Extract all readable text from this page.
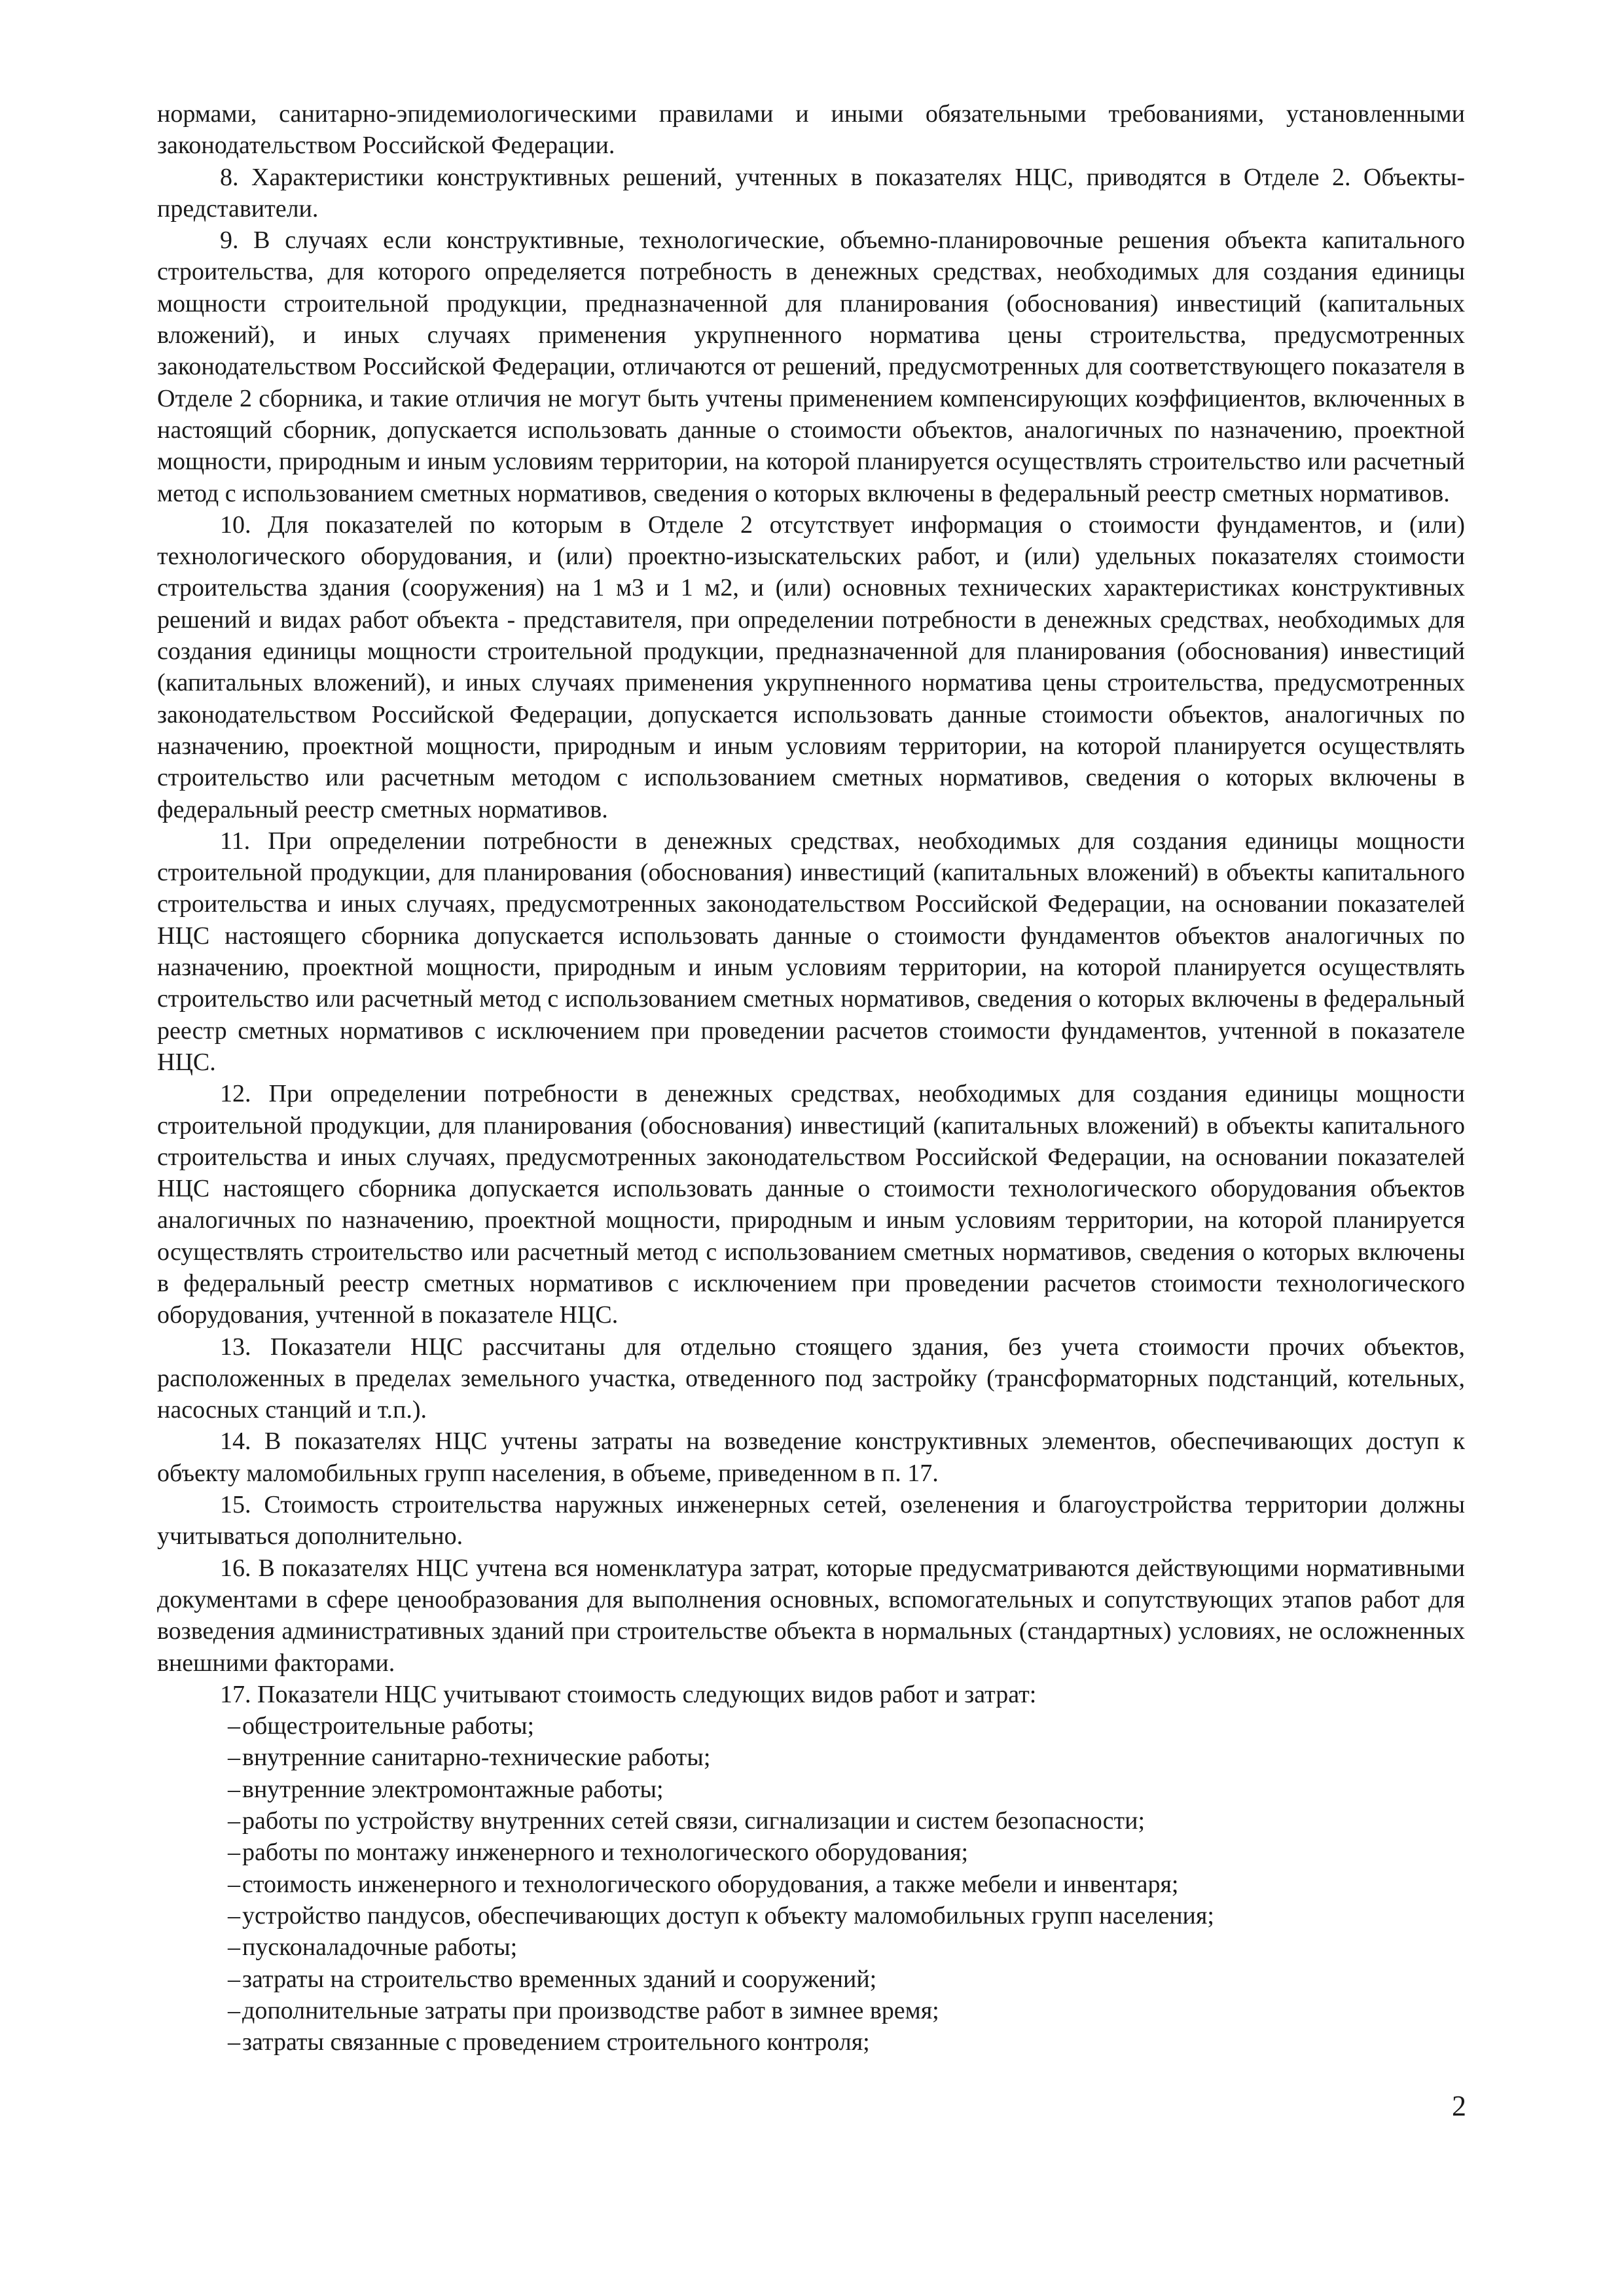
нормами, санитарно-эпидемиологическими правилами и иными обязательными требованиями, установленными законодательством Российской Федерации.

8. Характеристики конструктивных решений, учтенных в показателях НЦС, приводятся в Отделе 2. Объекты-представители.

9. В случаях если конструктивные, технологические, объемно-планировочные решения объекта капитального строительства, для которого определяется потребность в денежных средствах, необходимых для создания единицы мощности строительной продукции, предназначенной для планирования (обоснования) инвестиций (капитальных вложений), и иных случаях применения укрупненного норматива цены строительства, предусмотренных законодательством Российской Федерации, отличаются от решений, предусмотренных для соответствующего показателя в Отделе 2 сборника, и такие отличия не могут быть учтены применением компенсирующих коэффициентов, включенных в настоящий сборник, допускается использовать данные о стоимости объектов, аналогичных по назначению, проектной мощности, природным и иным условиям территории, на которой планируется осуществлять строительство или расчетный метод с использованием сметных нормативов, сведения о которых включены в федеральный реестр сметных нормативов.

10. Для показателей по которым в Отделе 2 отсутствует информация о стоимости фундаментов, и (или) технологического оборудования, и (или) проектно-изыскательских работ, и (или) удельных показателях стоимости строительства здания (сооружения) на 1 м3 и 1 м2, и (или) основных технических характеристиках конструктивных решений и видах работ объекта - представителя, при определении потребности в денежных средствах, необходимых для создания единицы мощности строительной продукции, предназначенной для планирования (обоснования) инвестиций (капитальных вложений), и иных случаях применения укрупненного норматива цены строительства, предусмотренных законодательством Российской Федерации, допускается использовать данные стоимости объектов, аналогичных по назначению, проектной мощности, природным и иным условиям территории, на которой планируется осуществлять строительство или расчетным методом с использованием сметных нормативов, сведения о которых включены в федеральный реестр сметных нормативов.

11. При определении потребности в денежных средствах, необходимых для создания единицы мощности строительной продукции, для планирования (обоснования) инвестиций (капитальных вложений) в объекты капитального строительства и иных случаях, предусмотренных законодательством Российской Федерации, на основании показателей НЦС настоящего сборника допускается использовать данные о стоимости фундаментов объектов аналогичных по назначению, проектной мощности, природным и иным условиям территории, на которой планируется осуществлять строительство или расчетный метод с использованием сметных нормативов, сведения о которых включены в федеральный реестр сметных нормативов с исключением при проведении расчетов стоимости фундаментов, учтенной в показателе НЦС.

12. При определении потребности в денежных средствах, необходимых для создания единицы мощности строительной продукции, для планирования (обоснования) инвестиций (капитальных вложений) в объекты капитального строительства и иных случаях, предусмотренных законодательством Российской Федерации, на основании показателей НЦС настоящего сборника допускается использовать данные о стоимости технологического оборудования объектов аналогичных по назначению, проектной мощности, природным и иным условиям территории, на которой планируется осуществлять строительство или расчетный метод с использованием сметных нормативов, сведения о которых включены в федеральный реестр сметных нормативов с исключением при проведении расчетов стоимости технологического оборудования, учтенной в показателе НЦС.

13. Показатели НЦС рассчитаны для отдельно стоящего здания, без учета стоимости прочих объектов, расположенных в пределах земельного участка, отведенного под застройку (трансформаторных подстанций, котельных, насосных станций и т.п.).

14. В показателях НЦС учтены затраты на возведение конструктивных элементов, обеспечивающих доступ к объекту маломобильных групп населения, в объеме, приведенном в п. 17.

15. Стоимость строительства наружных инженерных сетей, озеленения и благоустройства территории должны учитываться дополнительно.

16. В показателях НЦС учтена вся номенклатура затрат, которые предусматриваются действующими нормативными документами в сфере ценообразования для выполнения основных, вспомогательных и сопутствующих этапов работ для возведения административных зданий при строительстве объекта в нормальных (стандартных) условиях, не осложненных внешними факторами.

17. Показатели НЦС учитывают стоимость следующих видов работ и затрат:

–общестроительные работы;
–внутренние санитарно-технические работы;
–внутренние электромонтажные работы;
–работы по устройству внутренних сетей связи, сигнализации и систем безопасности;
–работы по монтажу инженерного и технологического оборудования;
–стоимость инженерного и технологического оборудования, а также мебели и инвентаря;
–устройство пандусов, обеспечивающих доступ к объекту маломобильных групп населения;
–пусконаладочные работы;
–затраты на строительство временных зданий и сооружений;
–дополнительные затраты при производстве работ в зимнее время;
–затраты связанные с проведением строительного контроля;
2
